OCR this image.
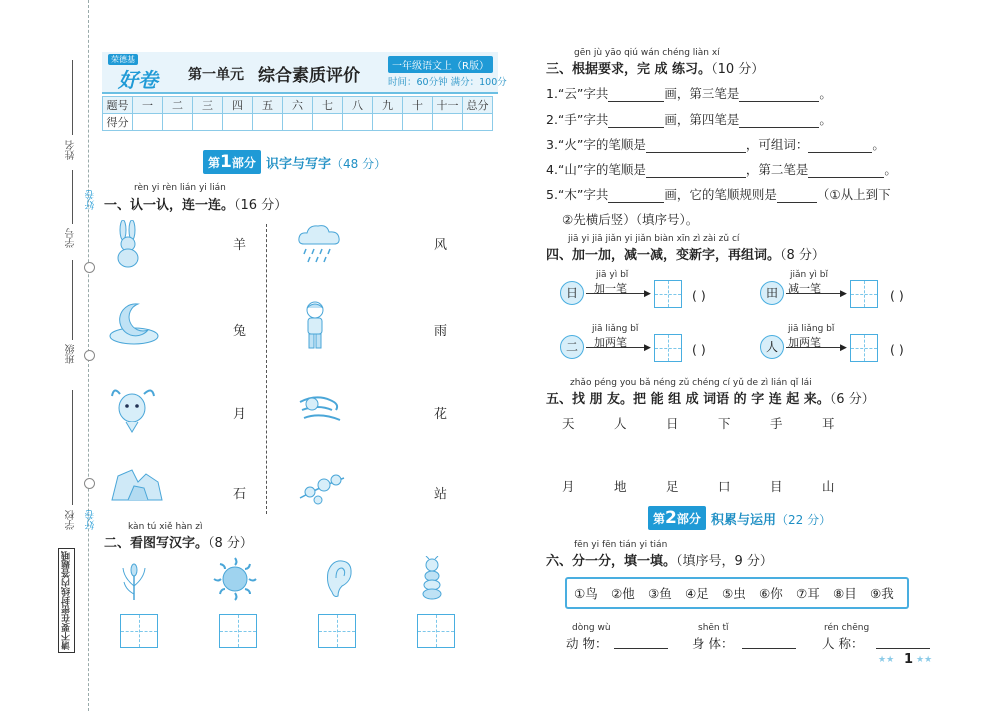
姓名
好卷
学号
班级
学校 好卷
请不要在密封线内答题哦
荣德基
好卷 第一单元 综合素质评价	一年级语文上（R版）
时间：60分钟 满分：100分
题号	一	二	三	四	五	六	七	八	九	十	十一	总分
得分												
第1部分 识字与写字（48 分）
rèn yi rèn lián yi lián
一、认一认，连一连。（16 分）
羊
兔
月
石
风
雨
花
站
kàn tú xiě hàn zì
二、看图写汉字。（8 分）
gēn jù yāo qiú wán chéng liàn xí
三、根据要求，完 成 练习。（10 分）
1.“云”字共	画，第三笔是	。
2.“手”字共	画，第四笔是	。
3.“火”字的笔顺是	，可组词：	。
4.“山”字的笔顺是	，第二笔是	。
5.“木”字共	画，它的笔顺规则是	（①从上到下
②先横后竖）（填序号）。
jiā yi jiā jiǎn yi jiǎn biàn xīn zì zài zǔ cí
四、加一加，减一减，变新字，再组词。（8 分）
日
jiā yì bǐ
加一笔 ▶	( )	田
jiǎn yì bǐ
减一笔 ▶	( )
二
jiā liǎng bǐ
加两笔 ▶	( )	人
jiā liǎng bǐ
加两笔 ▶	( )
zhǎo péng you bǎ néng zǔ chéng cí yǔ de zì lián qǐ lái
五、找 朋 友。把 能 组 成 词语 的 字 连 起 来。（6 分）
天	人	日	下	手	耳
月	地	足	口	目	山
第2部分 积累与运用（22 分）
fēn yi fēn tián yi tián
六、分一分，填一填。（填序号，9 分）
①鸟 ②他 ③鱼 ④足 ⑤虫 ⑥你 ⑦耳 ⑧目 ⑨我
dòng wù
动 物：
shēn tǐ
身 体：
rén chēng
人 称：
★★ 1 ★★
